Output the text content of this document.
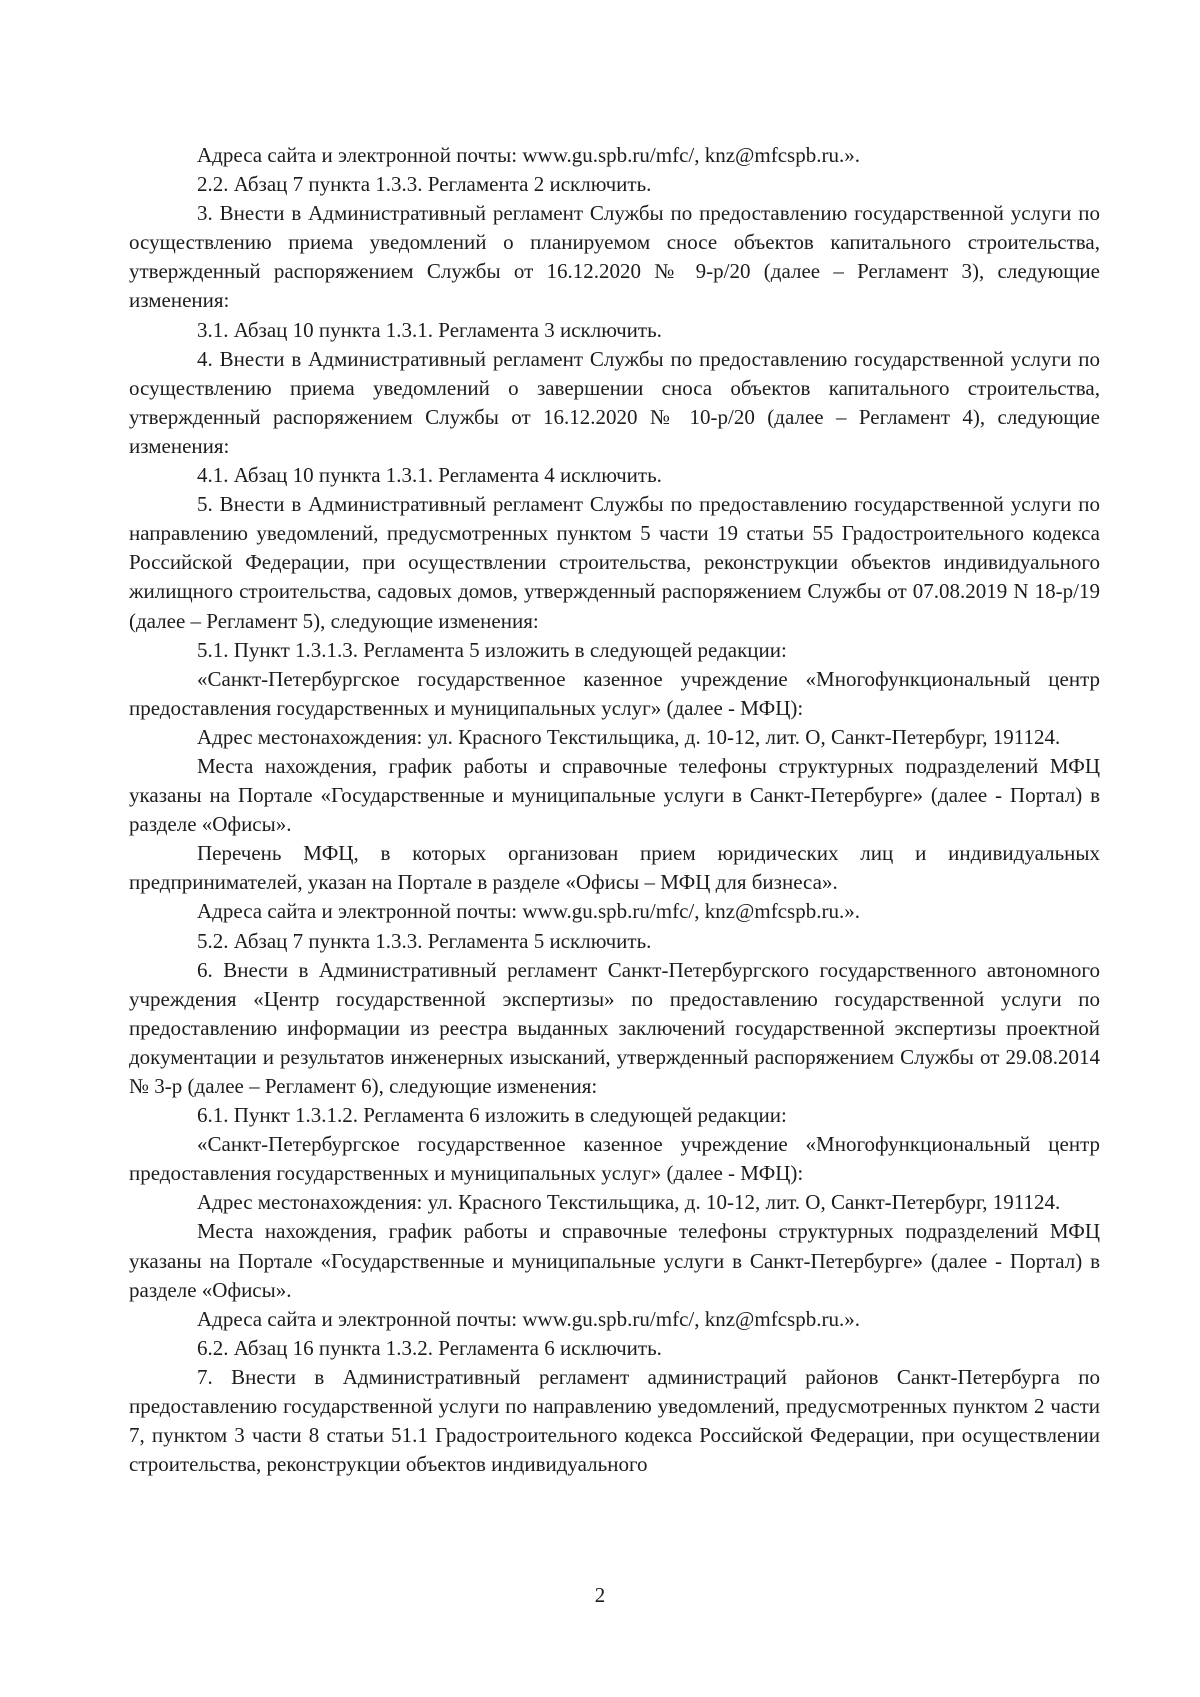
Адреса сайта и электронной почты: www.gu.spb.ru/mfc/, knz@mfcspb.ru.».

2.2. Абзац 7 пункта 1.3.3. Регламента 2 исключить.

3. Внести в Административный регламент Службы по предоставлению государственной услуги по осуществлению приема уведомлений о планируемом сносе объектов капитального строительства, утвержденный распоряжением Службы от 16.12.2020 № 9-р/20 (далее – Регламент 3), следующие изменения:

3.1. Абзац 10 пункта 1.3.1. Регламента 3 исключить.

4. Внести в Административный регламент Службы по предоставлению государственной услуги по осуществлению приема уведомлений о завершении сноса объектов капитального строительства, утвержденный распоряжением Службы от 16.12.2020 № 10-р/20 (далее – Регламент 4), следующие изменения:

4.1. Абзац 10 пункта 1.3.1. Регламента 4 исключить.

5. Внести в Административный регламент Службы по предоставлению государственной услуги по направлению уведомлений, предусмотренных пунктом 5 части 19 статьи 55 Градостроительного кодекса Российской Федерации, при осуществлении строительства, реконструкции объектов индивидуального жилищного строительства, садовых домов, утвержденный распоряжением Службы от 07.08.2019 N 18-р/19 (далее – Регламент 5), следующие изменения:

5.1. Пункт 1.3.1.3. Регламента 5 изложить в следующей редакции:

«Санкт-Петербургское государственное казенное учреждение «Многофункциональный центр предоставления государственных и муниципальных услуг» (далее - МФЦ):

Адрес местонахождения: ул. Красного Текстильщика, д. 10-12, лит. О, Санкт-Петербург, 191124.

Места нахождения, график работы и справочные телефоны структурных подразделений МФЦ указаны на Портале «Государственные и муниципальные услуги в Санкт-Петербурге» (далее - Портал) в разделе «Офисы».

Перечень МФЦ, в которых организован прием юридических лиц и индивидуальных предпринимателей, указан на Портале в разделе «Офисы – МФЦ для бизнеса».

Адреса сайта и электронной почты: www.gu.spb.ru/mfc/, knz@mfcspb.ru.».

5.2. Абзац 7 пункта 1.3.3. Регламента 5 исключить.

6. Внести в Административный регламент Санкт-Петербургского государственного автономного учреждения «Центр государственной экспертизы» по предоставлению государственной услуги по предоставлению информации из реестра выданных заключений государственной экспертизы проектной документации и результатов инженерных изысканий, утвержденный распоряжением Службы от 29.08.2014 № 3-р (далее – Регламент 6), следующие изменения:

6.1. Пункт 1.3.1.2. Регламента 6 изложить в следующей редакции:

«Санкт-Петербургское государственное казенное учреждение «Многофункциональный центр предоставления государственных и муниципальных услуг» (далее - МФЦ):

Адрес местонахождения: ул. Красного Текстильщика, д. 10-12, лит. О, Санкт-Петербург, 191124.

Места нахождения, график работы и справочные телефоны структурных подразделений МФЦ указаны на Портале «Государственные и муниципальные услуги в Санкт-Петербурге» (далее - Портал) в разделе «Офисы».

Адреса сайта и электронной почты: www.gu.spb.ru/mfc/, knz@mfcspb.ru.».

6.2. Абзац 16 пункта 1.3.2. Регламента 6 исключить.

7. Внести в Административный регламент администраций районов Санкт-Петербурга по предоставлению государственной услуги по направлению уведомлений, предусмотренных пунктом 2 части 7, пунктом 3 части 8 статьи 51.1 Градостроительного кодекса Российской Федерации, при осуществлении строительства, реконструкции объектов индивидуального

2
